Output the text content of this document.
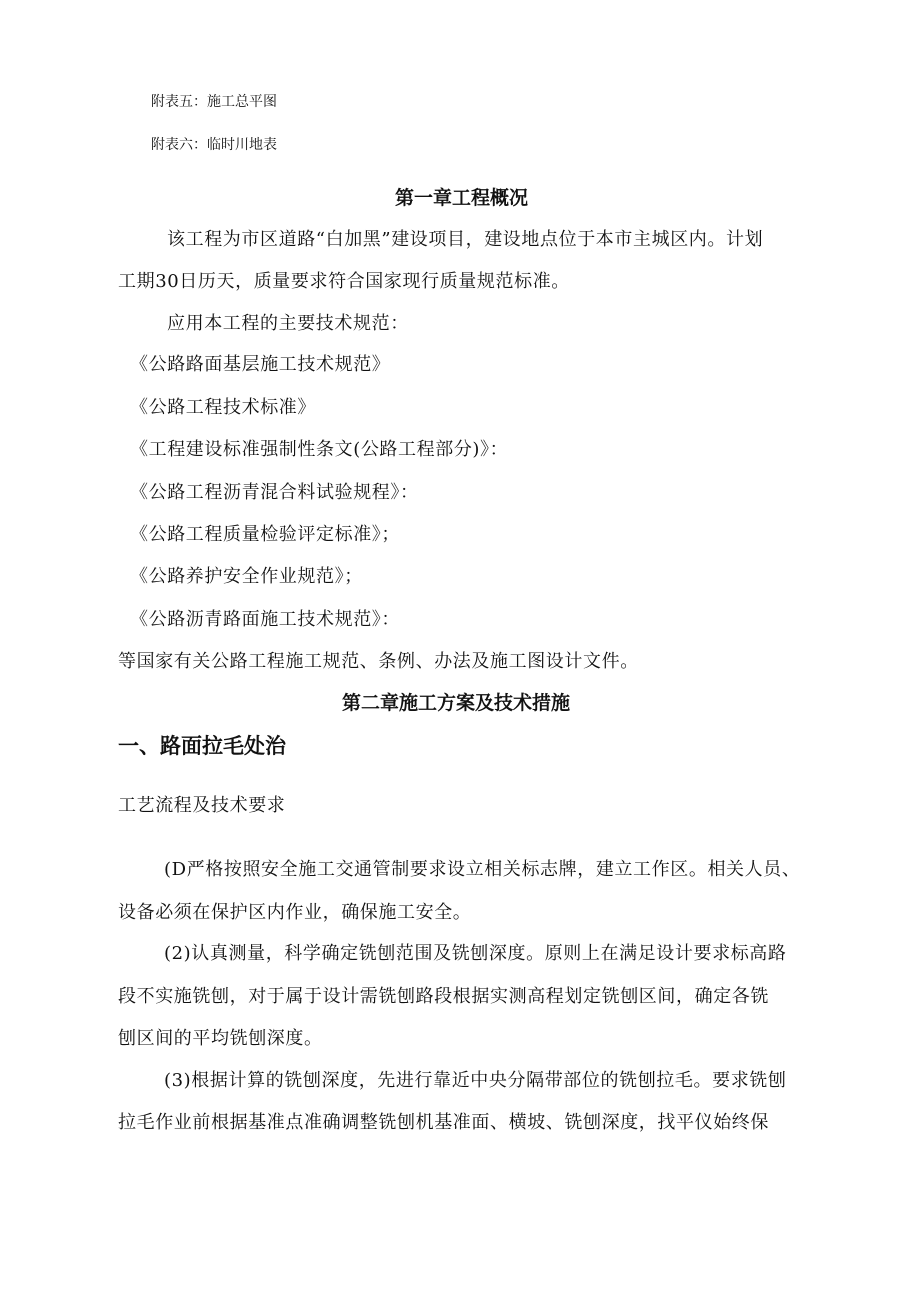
附表五：施工总平图
附表六：临时川地表
第一章工程概况
该工程为市区道路“白加黑”建设项目，建设地点位于本市主城区内。计划
工期30日历天，质量要求符合国家现行质量规范标准。
应用本工程的主要技术规范：
《公路路面基层施工技术规范》
《公路工程技术标准》
《工程建设标准强制性条文(公路工程部分)》：
《公路工程沥青混合料试验规程》：
《公路工程质量检验评定标准》；
《公路养护安全作业规范》；
《公路沥青路面施工技术规范》：
等国家有关公路工程施工规范、条例、办法及施工图设计文件。
第二章施工方案及技术措施
一、路面拉毛处治
工艺流程及技术要求
(D严格按照安全施工交通管制要求设立相关标志牌，建立工作区。相关人员、
设备必须在保护区内作业，确保施工安全。
(2)认真测量，科学确定铣刨范围及铣刨深度。原则上在满足设计要求标高路
段不实施铣刨，对于属于设计需铣刨路段根据实测高程划定铣刨区间，确定各铣
刨区间的平均铣刨深度。
(3)根据计算的铣刨深度，先进行靠近中央分隔带部位的铣刨拉毛。要求铣刨
拉毛作业前根据基准点准确调整铣刨机基准面、横坡、铣刨深度，找平仪始终保
